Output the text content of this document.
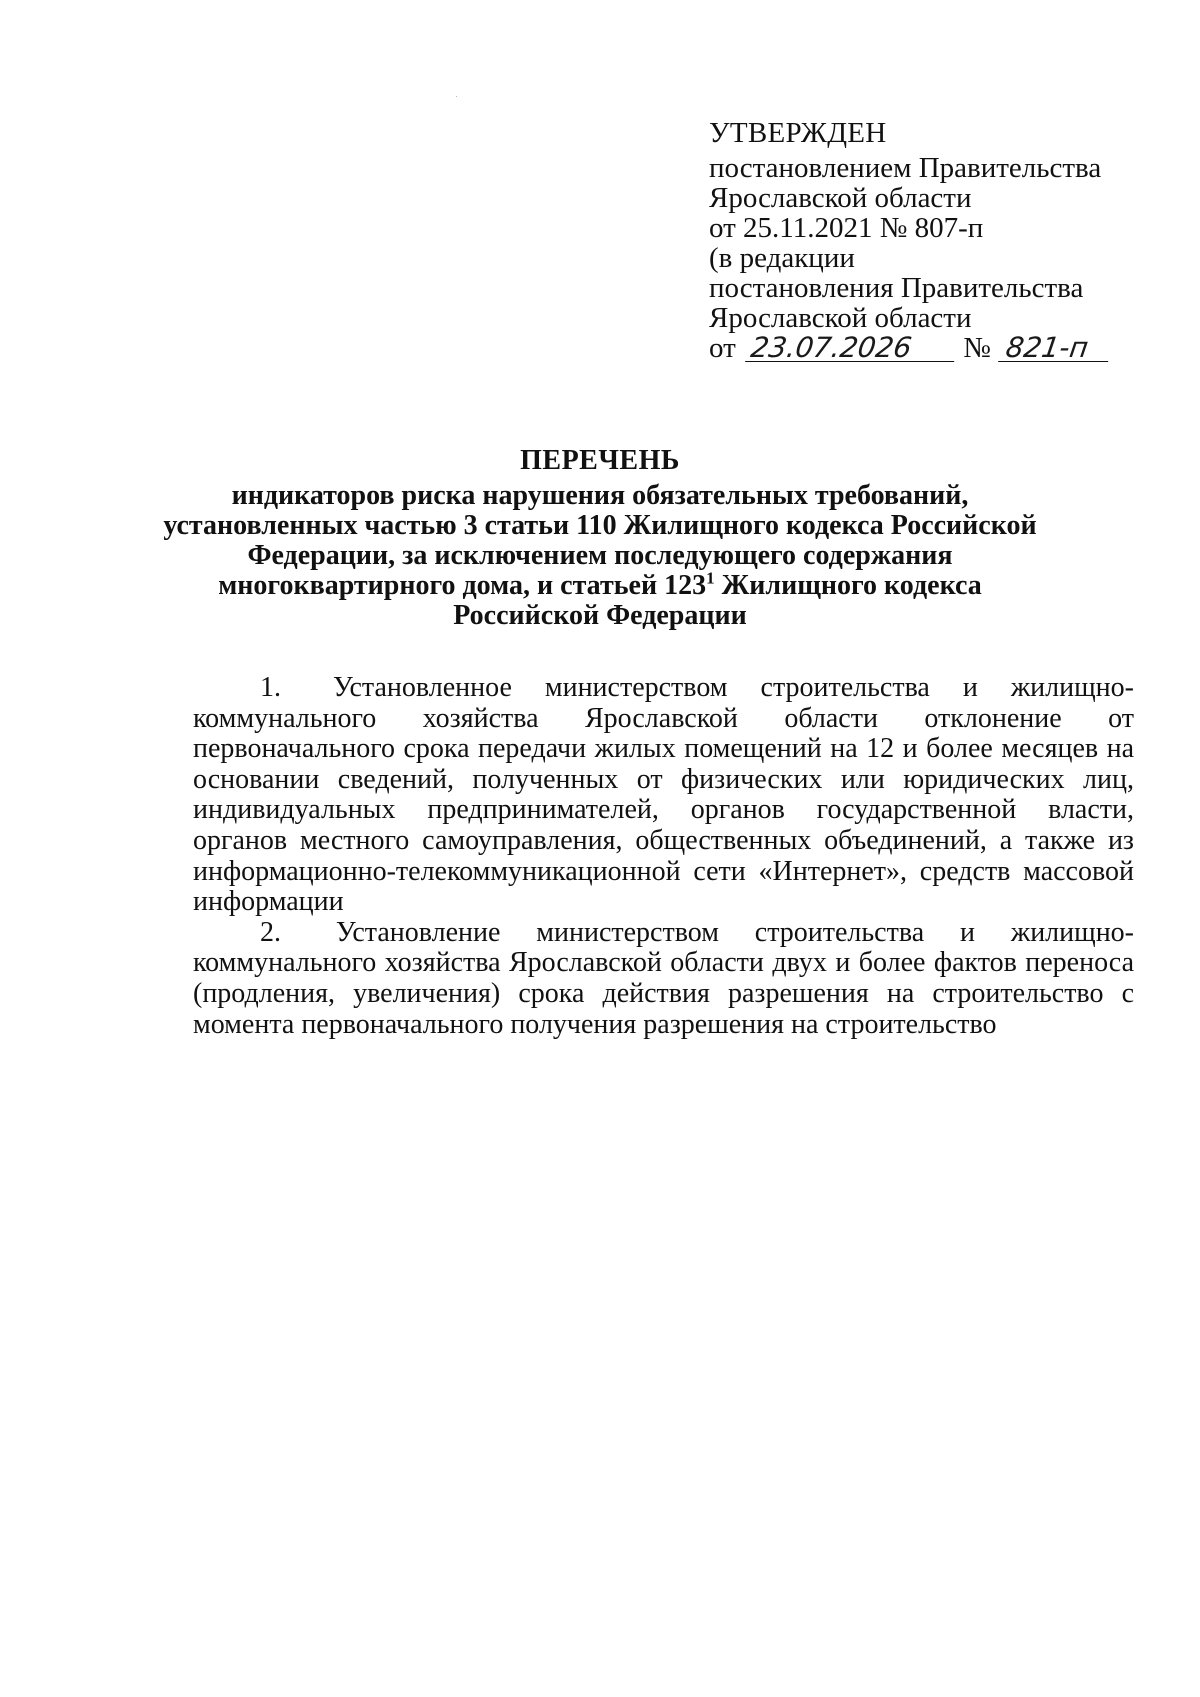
УТВЕРЖДЕН
постановлением Правительства
Ярославской области
от 25.11.2021 № 807-п
(в редакции
постановления Правительства
Ярославской области
от 23.07.2026 № 821-п
ПЕРЕЧЕНЬ
индикаторов риска нарушения обязательных требований,
установленных частью 3 статьи 110 Жилищного кодекса Российской
Федерации, за исключением последующего содержания
многоквартирного дома, и статьей $123^1$ Жилищного кодекса
Российской Федерации

1. Установленное министерством строительства и жилищно-коммунального хозяйства Ярославской области отклонение от первоначального срока передачи жилых помещений на 12 и более месяцев на основании сведений, полученных от физических или юридических лиц, индивидуальных предпринимателей, органов государственной власти, органов местного самоуправления, общественных объединений, а также из информационно-телекоммуникационной сети «Интернет», средств массовой информации

2. Установление министерством строительства и жилищно-коммунального хозяйства Ярославской области двух и более фактов переноса (продления, увеличения) срока действия разрешения на строительство с момента первоначального получения разрешения на строительство
